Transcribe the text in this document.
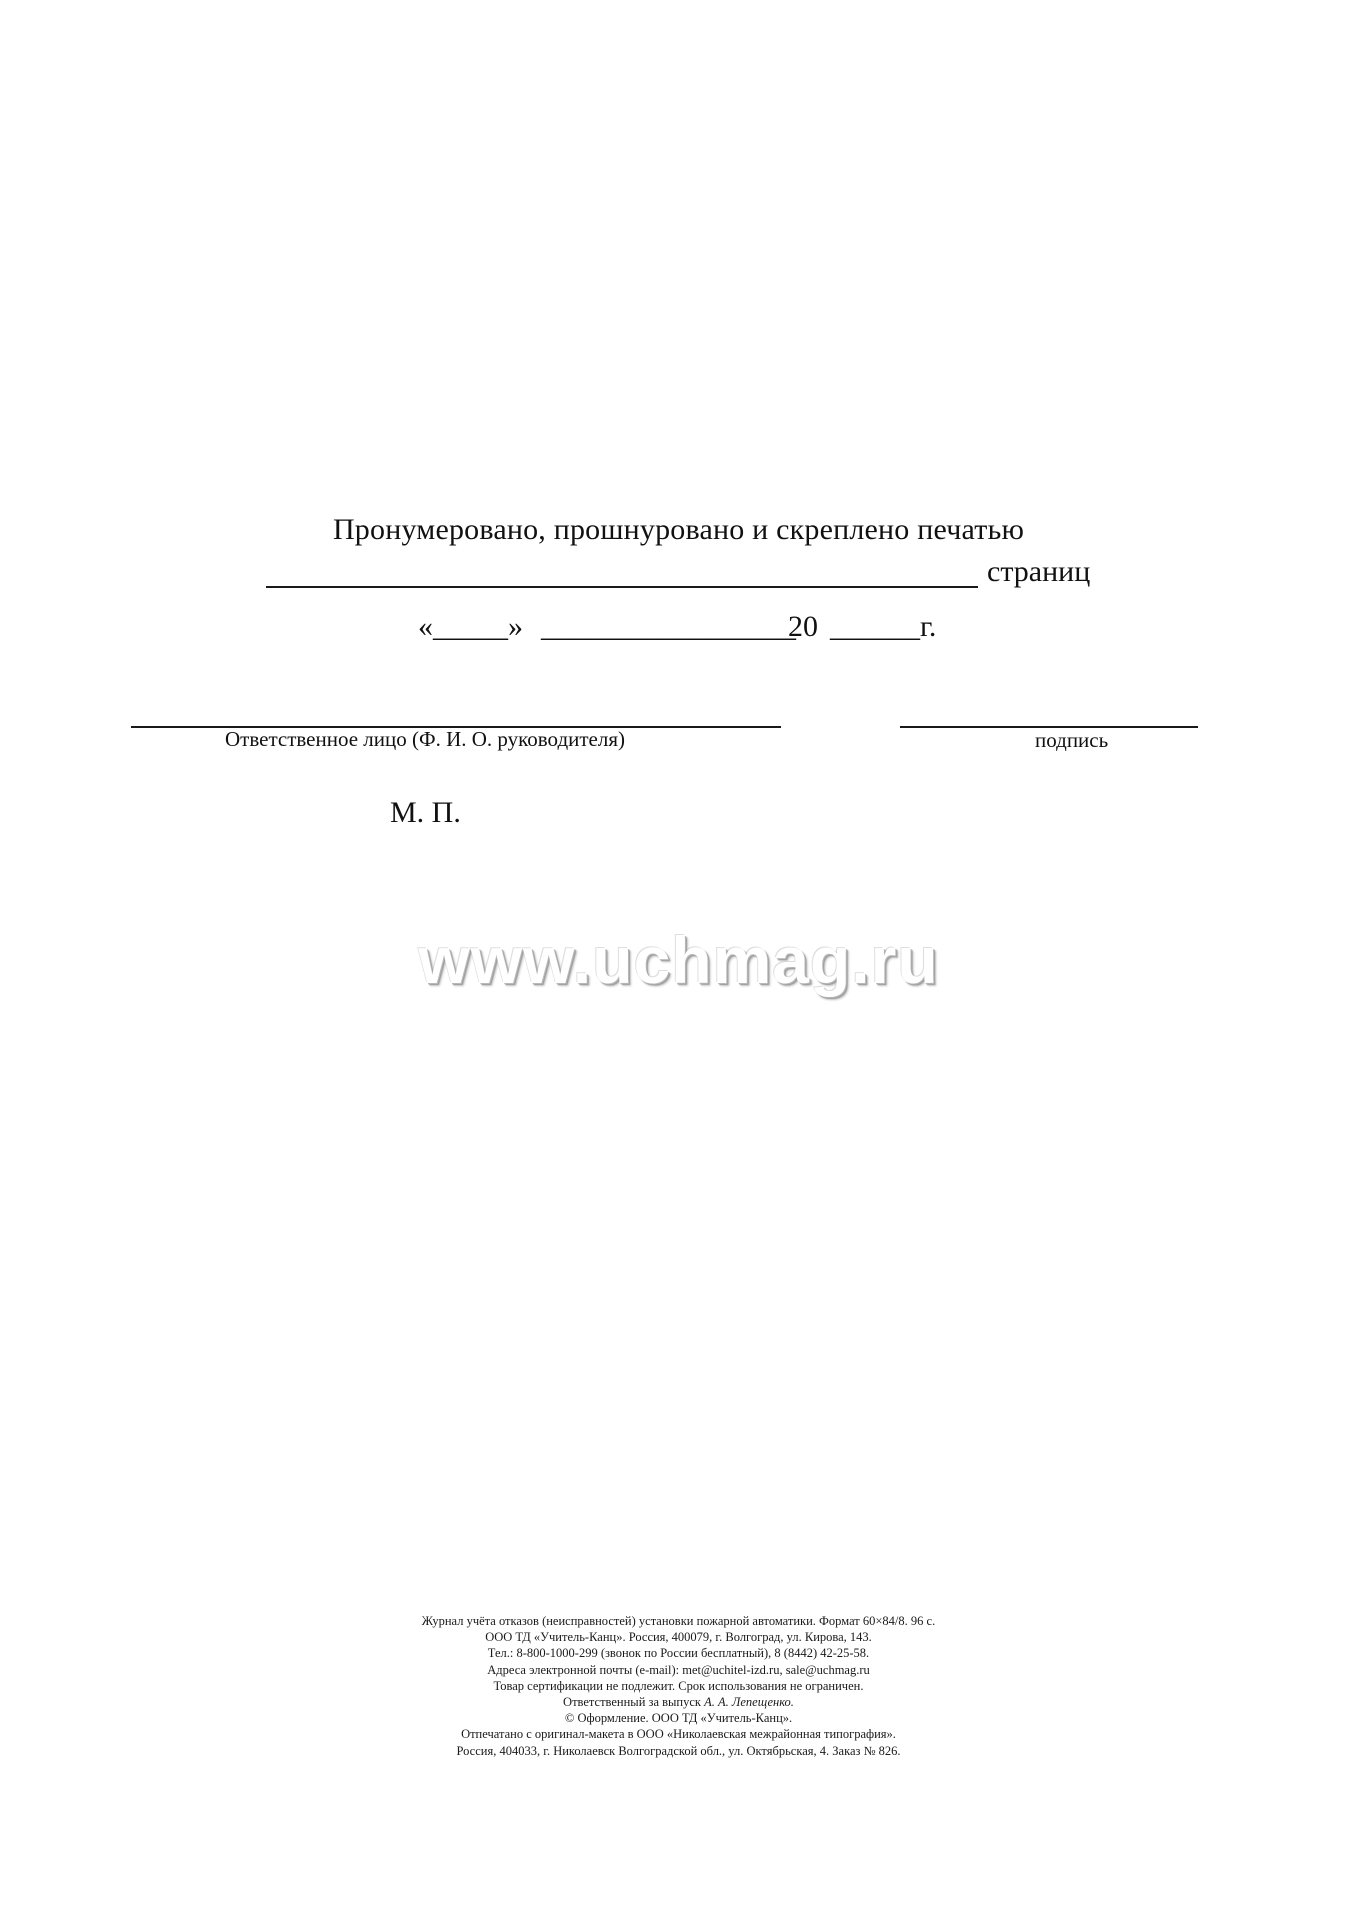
Пронумеровано, прошнуровано и скреплено печатью
страниц
«_____» _________________
20 ______ г.
Ответственное лицо (Ф. И. О. руководителя)	подпись
М. П.
www.uchmag.ru
Журнал учёта отказов (неисправностей) установки пожарной автоматики. Формат 60×84/8. 96 с.
ООО ТД «Учитель-Канц». Россия, 400079, г. Волгоград, ул. Кирова, 143.
Тел.: 8-800-1000-299 (звонок по России бесплатный), 8 (8442) 42-25-58.
Адреса электронной почты (e-mail): met@uchitel-izd.ru, sale@uchmag.ru
Товар сертификации не подлежит. Срок использования не ограничен.
Ответственный за выпуск А. А. Лепещенко.
© Оформление. ООО ТД «Учитель-Канц».
Отпечатано с оригинал-макета в ООО «Николаевская межрайонная типография».
Россия, 404033, г. Николаевск Волгоградской обл., ул. Октябрьская, 4. Заказ № 826.
